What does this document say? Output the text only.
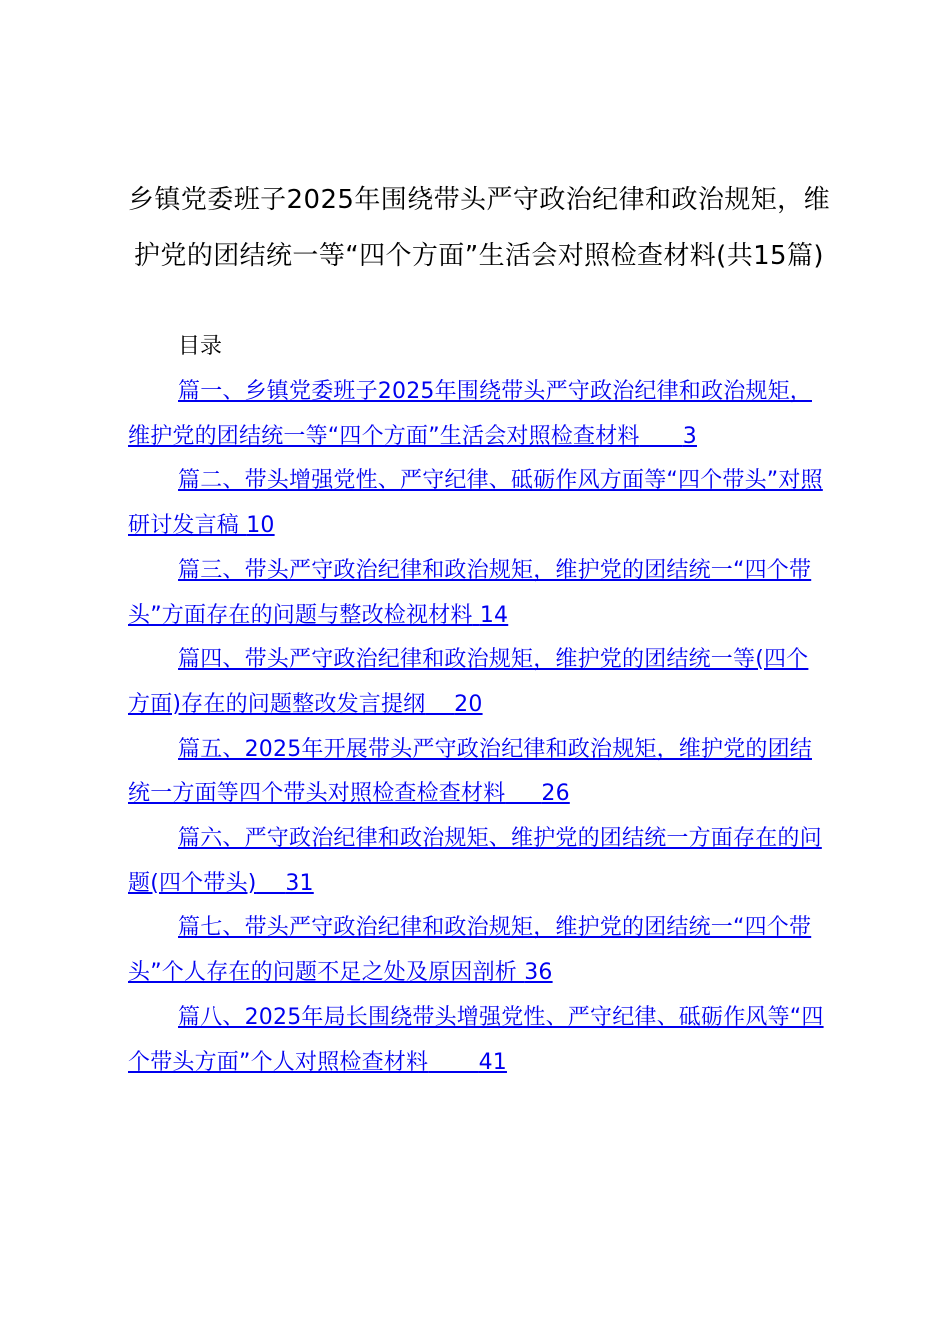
乡镇党委班子2025年围绕带头严守政治纪律和政治规矩，维护党的团结统一等“四个方面”生活会对照检查材料(共15篇)
目录
篇一、乡镇党委班子2025年围绕带头严守政治纪律和政治规矩，维护党的团结统一等“四个方面”生活会对照检查材料 3
篇二、带头增强党性、严守纪律、砥砺作风方面等“四个带头”对照研讨发言稿 10
篇三、带头严守政治纪律和政治规矩，维护党的团结统一“四个带头”方面存在的问题与整改检视材料 14
篇四、带头严守政治纪律和政治规矩，维护党的团结统一等(四个方面)存在的问题整改发言提纲 20
篇五、2025年开展带头严守政治纪律和政治规矩，维护党的团结统一方面等四个带头对照检查检查材料 26
篇六、严守政治纪律和政治规矩、维护党的团结统一方面存在的问题(四个带头) 31
篇七、带头严守政治纪律和政治规矩，维护党的团结统一“四个带头”个人存在的问题不足之处及原因剖析 36
篇八、2025年局长围绕带头增强党性、严守纪律、砥砺作风等“四个带头方面”个人对照检查材料 41
